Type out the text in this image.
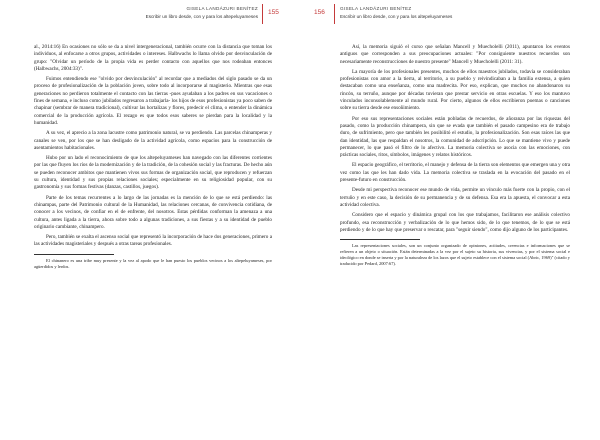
GISELA LANDÁZURI BENÍTEZ
Escribir un libro desde, con y para los altepeluyameses
155

al., 2014:16) En ocasiones no sólo se da a nivel intergeneracional, también ocurre con la distancia que toman los individuos, al enfocarse a otros grupos, actividades o intereses. Halbwachs lo llama olvido por desvinculación de grupo: "Olvidar un período de la propia vida es perder contacto con aquellos que nos rodeaban entonces (Halbwachs, 2004:33)".

Fuimos entendiendo ese "olvido por desvinculación" al recordar que a mediados del siglo pasado se da un proceso de profesionalización de la población joven, sobre todo al incorporarse al magisterio. Mientras que esas generaciones no perdieron totalmente el contacto con las tierras -pues ayudaban a los padres en sus vacaciones o fines de semana, e incluso como jubilados regresaron a trabajarla- los hijos de esos profesionistas ya poco saben de chapinar (sembrar de manera tradicional), cultivar las hortalizas y flores, predecir el clima, o entender la dinámica comercial de la producción agrícola. El rezago es que todos esos saberes se pierdan para la localidad y la humanidad.

A su vez, el aprecio a la zona lacustre como patrimonio natural, se va perdiendo. Las parcelas chinamperas y canales se ven, por los que se han desligado de la actividad agrícola, como espacios para la construcción de asentamientos habitacionales.

Hubo por un lado el reconocimiento de que los altepeluyameses han navegado con las diferentes corrientes por las que fluyen los ríos de la modernización y de la tradición, de la cohesión social y las fracturas. De hecho aún se pueden reconocer ambitos que mantienen vivos sus formas de organización social, que reproducen y refuerzan su cultura, identidad y sus propias relaciones sociales; especialmente en su religiosidad popular, con su gastronomía y sus formas festivas (danzas, castillos, juegos).

Parte de los temas recurrentes a lo largo de las jornadas es la mención de lo que se está perdiendo: las chinampas, parte del Patrimonio cultural de la Humanidad, las relaciones cercanas, de convivencia cotidiana, de conocer a los vecinos, de confiar en el de enfrente, del nosotros. Estas pérdidas conforman la amenaza a una cultura, antes ligada a la tierra, ahora sobre todo a algunas tradiciones, a sus fiestas y a su identidad de pueblo originario cambiante, chinampero.

Pero, también se exalta el ascenso social que representó la incorporación de hace dos generaciones, primero a las actividades magisteriales y después a otras tareas profesionales.

El chinanero es una tribe muy presente y la vez al apodo que le han puesto los pueblos vecinos a los altepeluyameses, por agüerdidos y lerdos.

156
GISELA LANDÁZURI BENÍTEZ
Escribir un libro desde, con y para los altepeluyameses

Así, la memoria siguió el curso que señalan Mancell y Muecholelli (2011), apuntaron los eventos antiguos que corresponden a sus preocupaciones actuales: "Por consiguiente nuestros recuerdos son necesariamente reconstrucciones de nuestro presente" Mancell y Muecholelli (2011: 31).

La mayoría de los profesionales presentes, muchos de ellos maestros jubilados, todavía se consideraban profesionistas con amor a la tierra, al territorio, a su pueblo y reivindicaban a la familia extensa, a quien destacaban como una enseñanza, como una madrecita. Por eso, explican, que muchos no abandonaron su rincón, su terruño, aunque por décadas tuvieran que prestar servicio en otras escuelas. Y eso los mantuvo vinculados inconsolablemente al mundo rural. Por cierto, algunos de ellos escribieron poemas o canciones sobre su tierra desde ese ensoñimiento.

Por eso sus representaciones sociales están pobladas de recuerdos, de añoranza por las riquezas del pasado, como la producción chinampera, sin que se evada que también el pasado campesino era de trabajo duro, de sufrimiento, pero que también les posibilitó el estudio, la profesionalización. Son esas raíces las que dan identidad, las que respaldan el nosotros, la comunidad de adscripción. Lo que se mantiene vivo y puede permanecer, lo que pasó el filtro de lo afectivo. La memoria colectiva se asocia con las emociones, con prácticas sociales, ritos, símbolos, imágenes y relatos históricos.

El espacio geográfico, el territorio, el manejo y defensa de la tierra son elementos que emergen una y otra vez como las que les han dado vida. La memoria colectiva se traslada en la evocación del pasado en el presente-futuro en construcción.

Desde mi perspectiva reconocer ese mundo de vida, permite un vínculo más fuerte con la propio, con el terruño y en este caso, la decisión de su permanencia y de su defensa. Esa era la apuesta, el convocar a esta actividad colectiva.

Considero que el espacio y dinámica grupal con los que trabajamos, facilitaron ese análisis colectivo profundo, esa reconstrucción y verbalización de lo que hemos sido, de lo que tenemos, de lo que se está perdiendo y de lo que hay que preservar o rescatar, para "seguir siendo", como dijo alguno de los participantes.

Las representaciones sociales, son un conjunto organizado de opiniones, actitudes, creencias e informaciones que se refieren a un objeto o situación. Están determinadas a la vez por el sujeto su historia, sus vivencias, y por el sistema social e ideológico en donde se inserta y por la naturaleza de los lazos que el sujeto establece con el sistema social (Abric, 1969)" (citado y traducido por Pedard, 2007:67).
